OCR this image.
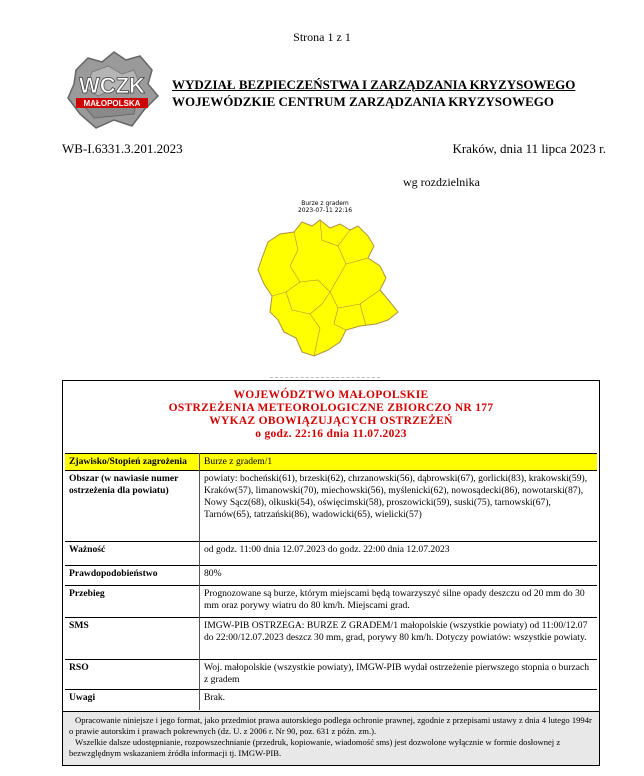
Strona 1 z 1
WCZK
MAŁOPOLSKA
WYDZIAŁ BEZPIECZEŃSTWA I ZARZĄDZANIA KRYZYSOWEGO
WOJEWÓDZKIE CENTRUM ZARZĄDZANIA KRYZYSOWEGO
WB-I.6331.3.201.2023	Kraków, dnia 11 lipca 2023 r.
wg rozdzielnika
Burze z gradem
2023-07-11 22:16
WOJEWÓDZTWO MAŁOPOLSKIE
OSTRZEŻENIA METEOROLOGICZNE ZBIORCZO NR 177
WYKAZ OBOWIĄZUJĄCYCH OSTRZEŻEŃ
o godz. 22:16 dnia 11.07.2023
Zjawisko/Stopień zagrożenia	Burze z gradem/1
Obszar (w nawiasie numer ostrzeżenia dla powiatu)	powiaty: bocheński(61), brzeski(62), chrzanowski(56), dąbrowski(67), gorlicki(83), krakowski(59), Kraków(57), limanowski(70), miechowski(56), myślenicki(62), nowosądecki(86), nowotarski(87), Nowy Sącz(68), olkuski(54), oświęcimski(58), proszowicki(59), suski(75), tarnowski(67), Tarnów(65), tatrzański(86), wadowicki(65), wielicki(57)
Ważność	od godz. 11:00 dnia 12.07.2023 do godz. 22:00 dnia 12.07.2023
Prawdopodobieństwo	80%
Przebieg	Prognozowane są burze, którym miejscami będą towarzyszyć silne opady deszczu od 20 mm do 30 mm oraz porywy wiatru do 80 km/h. Miejscami grad.
SMS	IMGW-PIB OSTRZEGA: BURZE Z GRADEM/1 małopolskie (wszystkie powiaty) od 11:00/12.07 do 22:00/12.07.2023 deszcz 30 mm, grad, porywy 80 km/h. Dotyczy powiatów: wszystkie powiaty.
RSO	Woj. małopolskie (wszystkie powiaty), IMGW-PIB wydał ostrzeżenie pierwszego stopnia o burzach z gradem
Uwagi	Brak.

Opracowanie niniejsze i jego format, jako przedmiot prawa autorskiego podlega ochronie prawnej, zgodnie z przepisami ustawy z dnia 4 lutego 1994r o prawie autorskim i prawach pokrewnych (dz. U. z 2006 r. Nr 90, poz. 631 z późn. zm.).

Wszelkie dalsze udostępnianie, rozpowszechnianie (przedruk, kopiowanie, wiadomość sms) jest dozwolone wyłącznie w formie dosłownej z bezwzględnym wskazaniem źródła informacji tj. IMGW-PIB.
